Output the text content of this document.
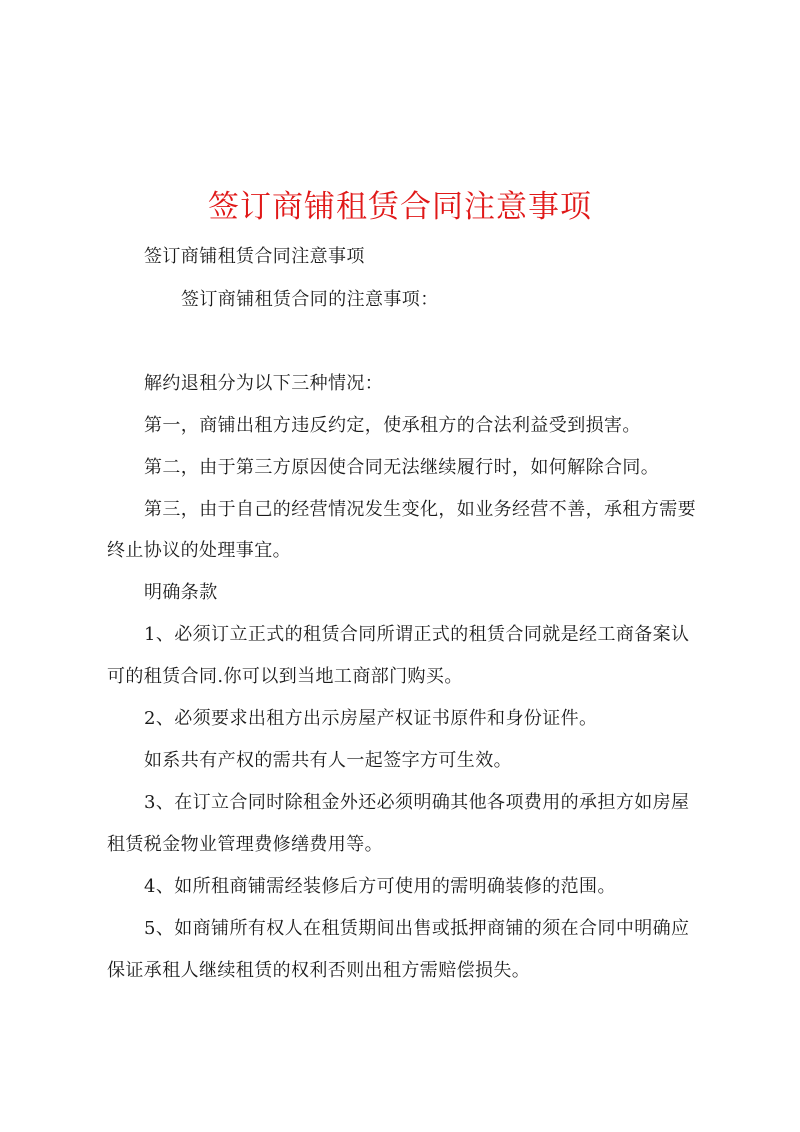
签订商铺租赁合同注意事项
签订商铺租赁合同注意事项
签订商铺租赁合同的注意事项：
解约退租分为以下三种情况：
第一，商铺出租方违反约定，使承租方的合法利益受到损害。
第二，由于第三方原因使合同无法继续履行时，如何解除合同。
第三，由于自己的经营情况发生变化，如业务经营不善，承租方需要
终止协议的处理事宜。
明确条款
1、必须订立正式的租赁合同所谓正式的租赁合同就是经工商备案认
可的租赁合同.你可以到当地工商部门购买。
2、必须要求出租方出示房屋产权证书原件和身份证件。
如系共有产权的需共有人一起签字方可生效。
3、在订立合同时除租金外还必须明确其他各项费用的承担方如房屋
租赁税金物业管理费修缮费用等。
4、如所租商铺需经装修后方可使用的需明确装修的范围。
5、如商铺所有权人在租赁期间出售或抵押商铺的须在合同中明确应
保证承租人继续租赁的权利否则出租方需赔偿损失。
